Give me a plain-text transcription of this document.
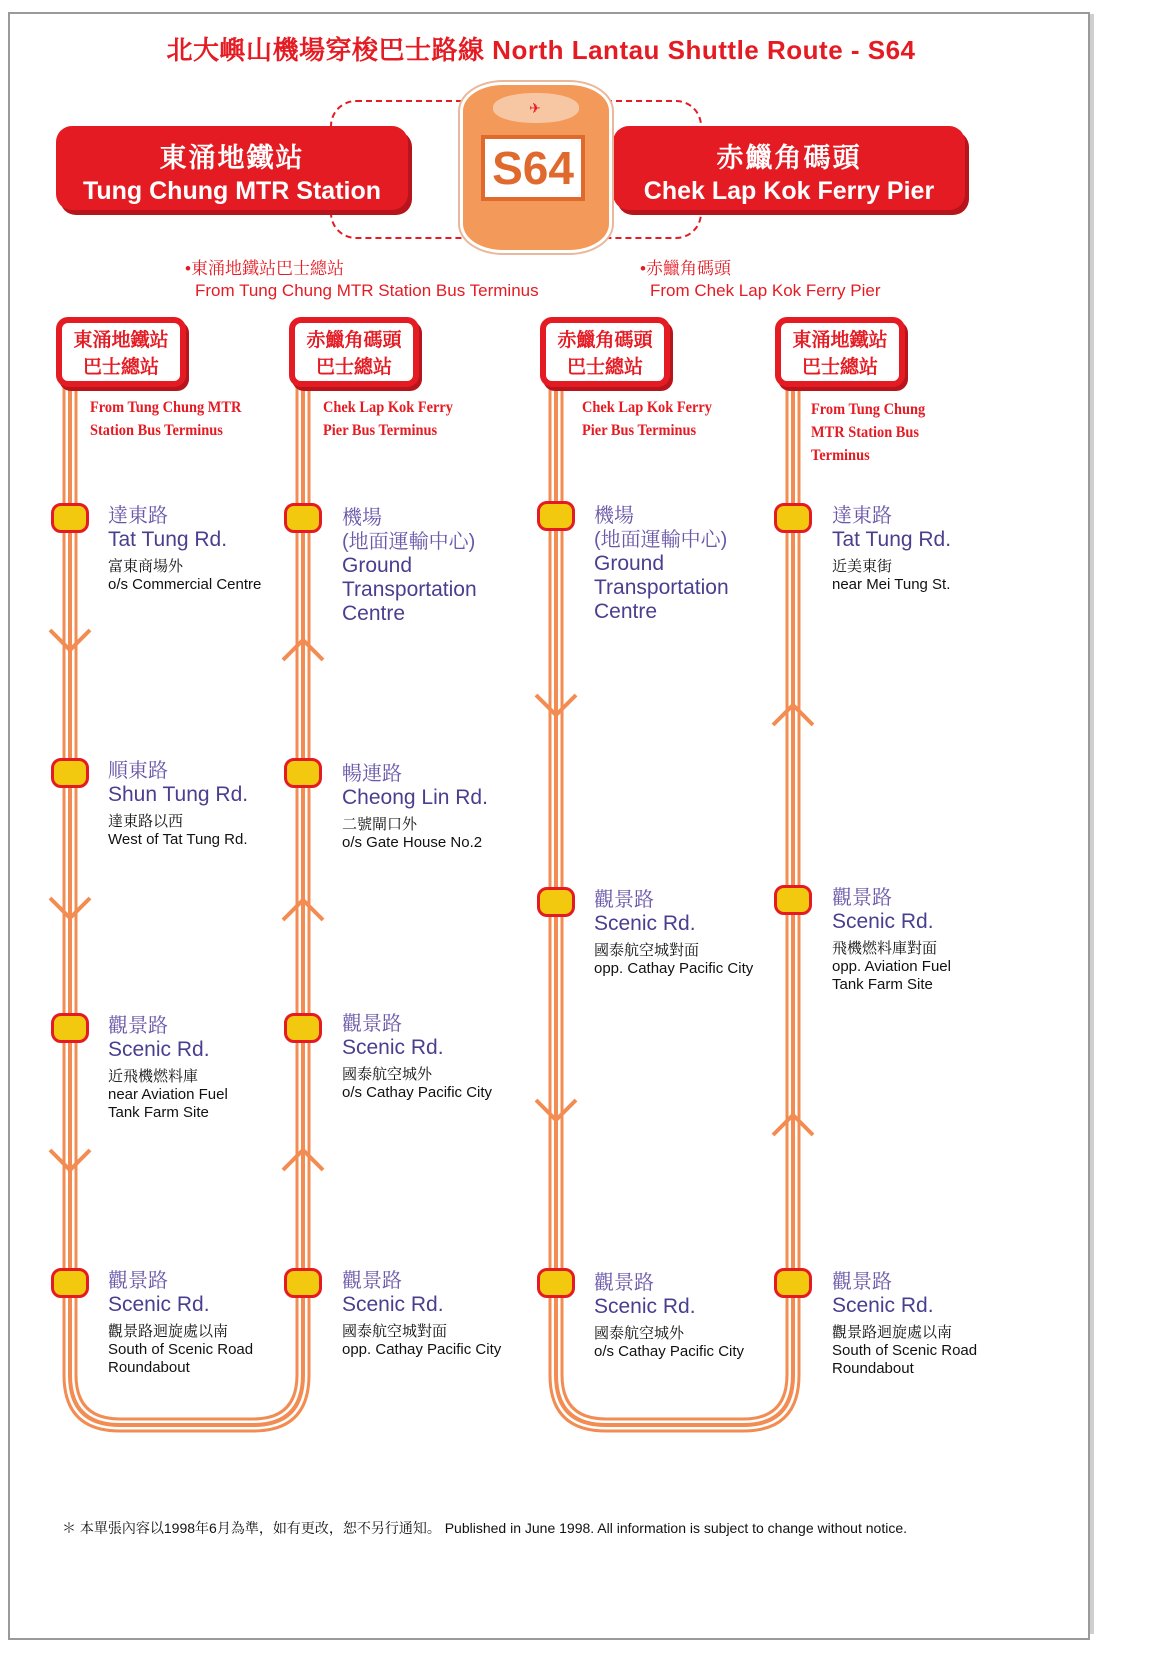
北大嶼山機場穿梭巴士路線 North Lantau Shuttle Route - S64
東涌地鐵站
Tung Chung MTR Station
赤鱲角碼頭
Chek Lap Kok Ferry Pier
✈
S64
•東涌地鐵站巴士總站
From Tung Chung MTR Station Bus Terminus
•赤鱲角碼頭
From Chek Lap Kok Ferry Pier
東涌地鐵站
巴士總站
From Tung Chung MTR
Station Bus Terminus
赤鱲角碼頭
巴士總站
Chek Lap Kok Ferry
Pier Bus Terminus
赤鱲角碼頭
巴士總站
Chek Lap Kok Ferry
Pier Bus Terminus
東涌地鐵站
巴士總站
From Tung Chung
MTR Station Bus
Terminus
達東路
Tat Tung Rd.
富東商場外
o/s Commercial Centre
順東路
Shun Tung Rd.
達東路以西
West of Tat Tung Rd.
觀景路
Scenic Rd.
近飛機燃料庫
near Aviation Fuel
Tank Farm Site
觀景路
Scenic Rd.
觀景路迴旋處以南
South of Scenic Road
Roundabout
機場
(地面運輸中心)
Ground
Transportation
Centre
暢連路
Cheong Lin Rd.
二號閘口外
o/s Gate House No.2
觀景路
Scenic Rd.
國泰航空城外
o/s Cathay Pacific City
觀景路
Scenic Rd.
國泰航空城對面
opp. Cathay Pacific City
機場
(地面運輸中心)
Ground
Transportation
Centre
觀景路
Scenic Rd.
國泰航空城對面
opp. Cathay Pacific City
觀景路
Scenic Rd.
國泰航空城外
o/s Cathay Pacific City
達東路
Tat Tung Rd.
近美東街
near Mei Tung St.
觀景路
Scenic Rd.
飛機燃料庫對面
opp. Aviation Fuel
Tank Farm Site
觀景路
Scenic Rd.
觀景路迴旋處以南
South of Scenic Road
Roundabout
＊ 本單張內容以1998年6月為準，如有更改，恕不另行通知。 Published in June 1998. All information is subject to change without notice.
